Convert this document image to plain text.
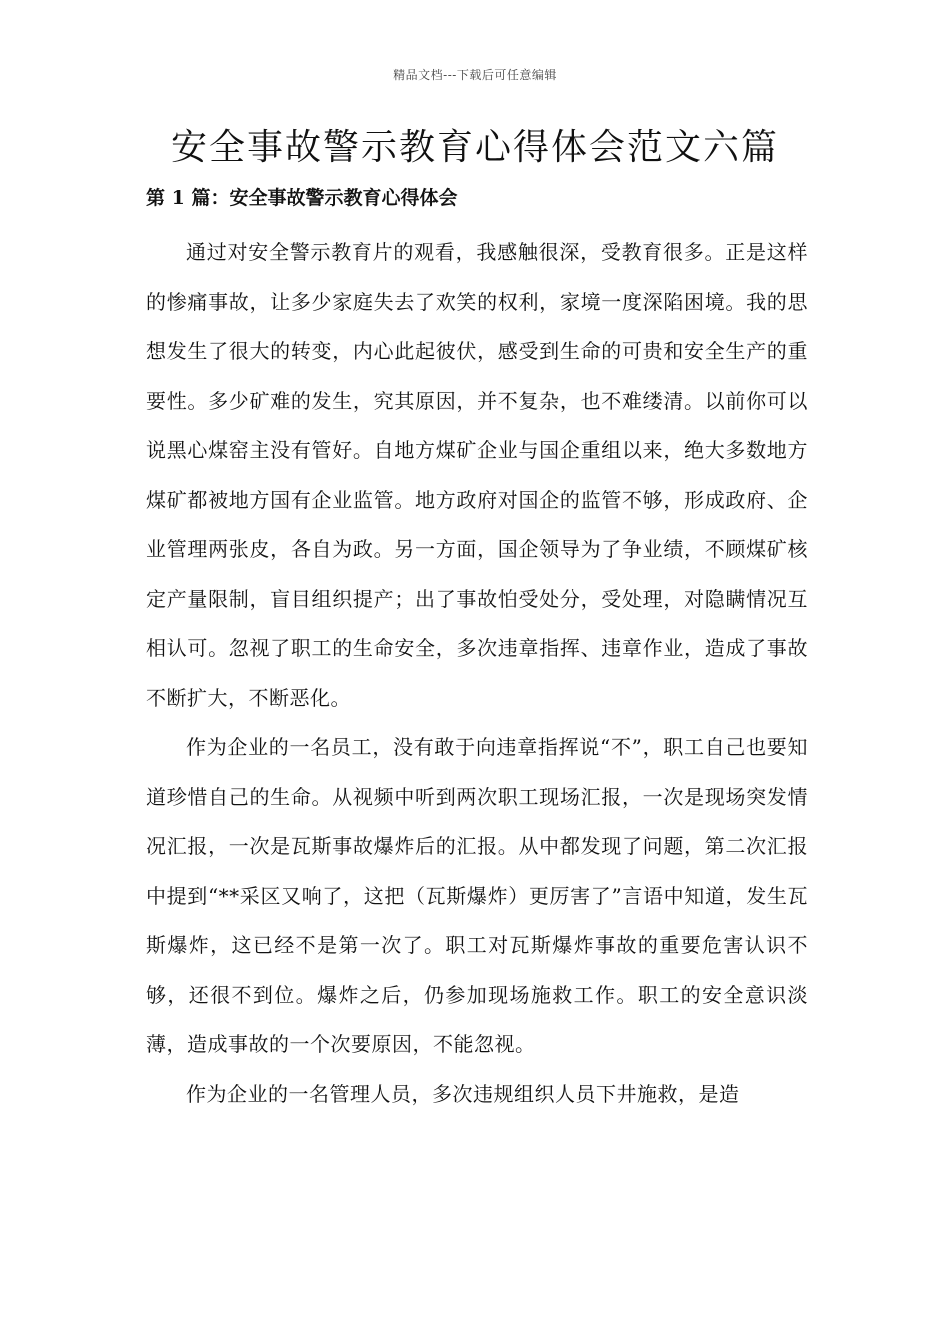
精品文档---下载后可任意编辑
安全事故警示教育心得体会范文六篇
第 1 篇：安全事故警示教育心得体会

通过对安全警示教育片的观看，我感触很深，受教育很多。正是这样的惨痛事故，让多少家庭失去了欢笑的权利，家境一度深陷困境。我的思想发生了很大的转变，内心此起彼伏，感受到生命的可贵和安全生产的重要性。多少矿难的发生，究其原因，并不复杂，也不难缕清。以前你可以说黑心煤窑主没有管好。自地方煤矿企业与国企重组以来，绝大多数地方煤矿都被地方国有企业监管。地方政府对国企的监管不够，形成政府、企业管理两张皮，各自为政。另一方面，国企领导为了争业绩，不顾煤矿核定产量限制，盲目组织提产；出了事故怕受处分，受处理，对隐瞒情况互相认可。忽视了职工的生命安全，多次违章指挥、违章作业，造成了事故不断扩大，不断恶化。

作为企业的一名员工，没有敢于向违章指挥说“不”，职工自己也要知道珍惜自己的生命。从视频中听到两次职工现场汇报，一次是现场突发情况汇报，一次是瓦斯事故爆炸后的汇报。从中都发现了问题，第二次汇报中提到“**采区又响了，这把（瓦斯爆炸）更厉害了”言语中知道，发生瓦斯爆炸，这已经不是第一次了。职工对瓦斯爆炸事故的重要危害认识不够，还很不到位。爆炸之后，仍参加现场施救工作。职工的安全意识淡薄，造成事故的一个次要原因，不能忽视。

作为企业的一名管理人员，多次违规组织人员下井施救，是造
